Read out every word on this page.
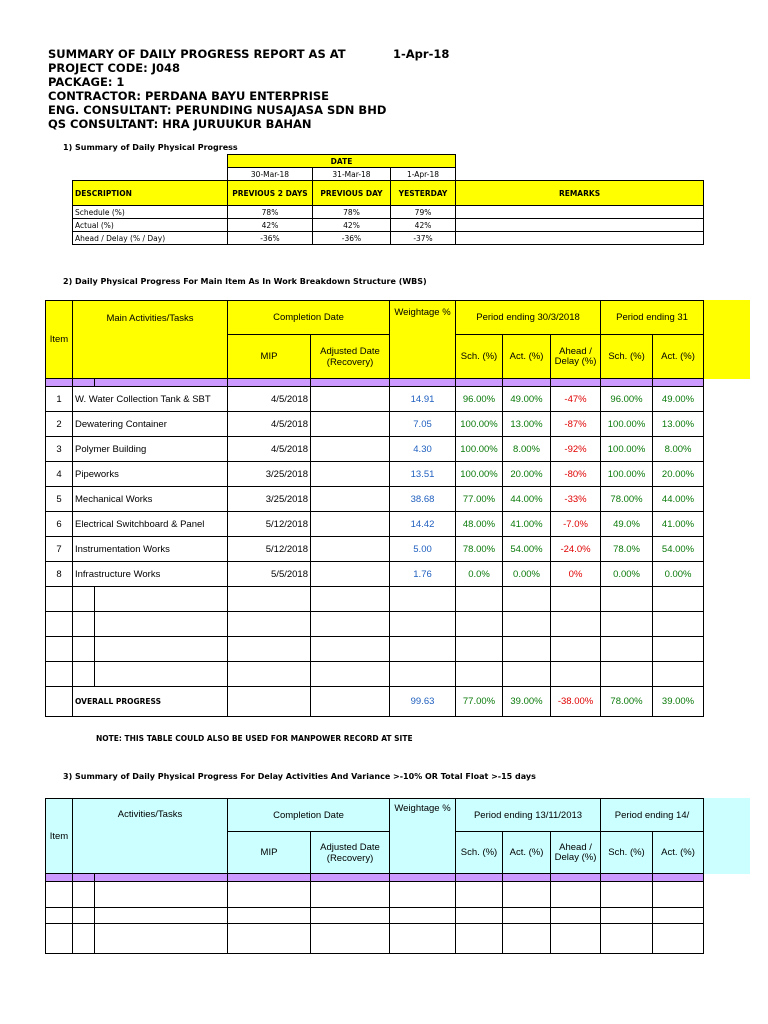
SUMMARY OF DAILY PROGRESS REPORT AS AT	1-Apr-18
PROJECT CODE: J048
PACKAGE: 1
CONTRACTOR: PERDANA BAYU ENTERPRISE
ENG. CONSULTANT: PERUNDING NUSAJASA SDN BHD
QS CONSULTANT: HRA JURUUKUR BAHAN
1) Summary of Daily Physical Progress
	DATE			
	30-Mar-18	31-Mar-18	1-Apr-18	
DESCRIPTION	PREVIOUS 2 DAYS	PREVIOUS DAY	YESTERDAY	REMARKS
Schedule (%)	78%	78%	79%	
Actual (%)	42%	42%	42%	
Ahead / Delay (% / Day)	-36%	-36%	-37%	
2) Daily Physical Progress For Main Item As In Work Breakdown Structure (WBS)
Item	Main Activities/Tasks		Completion Date		Weightage %	Period ending 30/3/2018			Period ending 31	
			MIP	Adjusted Date (Recovery)		Sch. (%)	Act. (%)	Ahead / Delay (%)	Sch. (%)	Act. (%)

1	W. Water Collection Tank & SBT		4/5/2018		14.91	96.00%	49.00%	-47%	96.00%	49.00%
2	Dewatering Container		4/5/2018		7.05	100.00%	13.00%	-87%	100.00%	13.00%
3	Polymer Building		4/5/2018		4.30	100.00%	8.00%	-92%	100.00%	8.00%
4	Pipeworks		3/25/2018		13.51	100.00%	20.00%	-80%	100.00%	20.00%
5	Mechanical Works		3/25/2018		38.68	77.00%	44.00%	-33%	78.00%	44.00%
6	Electrical Switchboard & Panel		5/12/2018		14.42	48.00%	41.00%	-7.0%	49.0%	41.00%
7	Instrumentation Works		5/12/2018		5.00	78.00%	54.00%	-24.0%	78.0%	54.00%
8	Infrastructure Works		5/5/2018		1.76	0.0%	0.00%	0%	0.00%	0.00%

	OVERALL PROGRESS				99.63	77.00%	39.00%	-38.00%	78.00%	39.00%
NOTE: THIS TABLE COULD ALSO BE USED FOR MANPOWER RECORD AT SITE
3) Summary of Daily Physical Progress For Delay Activities And Variance >-10% OR Total Float >-15 days
Item	Activities/Tasks		Completion Date		Weightage %	Period ending 13/11/2013			Period ending 14/	
			MIP	Adjusted Date (Recovery)		Sch. (%)	Act. (%)	Ahead / Delay (%)	Sch. (%)	Act. (%)
